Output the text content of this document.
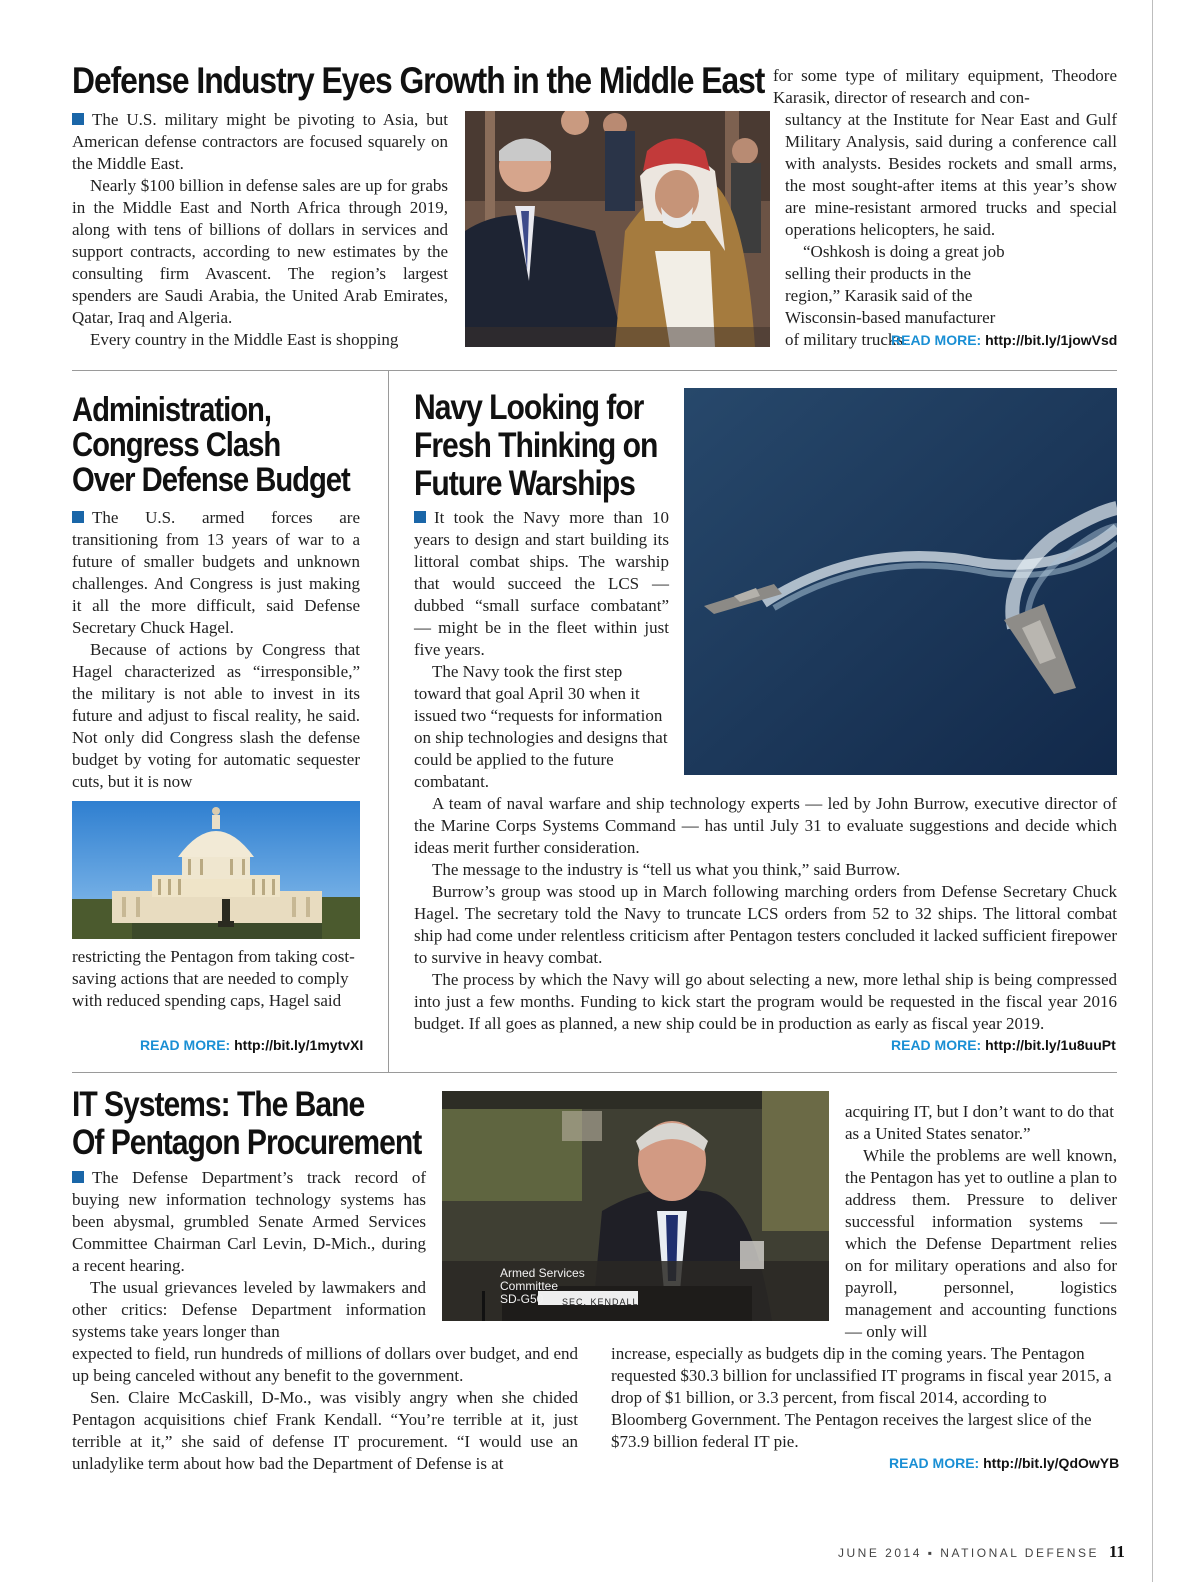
Defense Industry Eyes Growth in the Middle East

The U.S. military might be pivoting to Asia, but American defense contractors are focused squarely on the Middle East.

Nearly $100 billion in defense sales are up for grabs in the Middle East and North Africa through 2019, along with tens of billions of dollars in services and support contracts, according to new estimates by the consulting firm Avascent. The region’s largest spenders are Saudi Arabia, the United Arab Emirates, Qatar, Iraq and Algeria.

Every country in the Middle East is shopping

for some type of military equipment, Theodore Karasik, director of research and con-

sultancy at the Institute for Near East and Gulf Military Analysis, said during a conference call with analysts. Besides rockets and small arms, the most sought-after items at this year’s show are mine-resistant armored trucks and special operations helicopters, he said.

“Oshkosh is doing a great job selling their products in the region,” Karasik said of the Wisconsin-based manufacturer of military trucks.

READ MORE: http://bit.ly/1jowVsd
Administration,
Congress Clash
Over Defense Budget

The U.S. armed forces are transitioning from 13 years of war to a future of smaller budgets and unknown challenges. And Congress is just making it all the more difficult, said Defense Secretary Chuck Hagel.

Because of actions by Congress that Hagel characterized as “irresponsible,” the military is not able to invest in its future and adjust to fiscal reality, he said. Not only did Congress slash the defense budget by voting for automatic sequester cuts, but it is now

restricting the Pentagon from taking cost-saving actions that are needed to comply with reduced spending caps, Hagel said

READ MORE: http://bit.ly/1mytvXI
Navy Looking for
Fresh Thinking on
Future Warships

It took the Navy more than 10 years to design and start building its littoral combat ships. The warship that would succeed the LCS — dubbed “small surface combatant” — might be in the fleet within just five years.

The Navy took the first step toward that goal April 30 when it issued two “requests for information on ship technologies and designs that could be applied to the future combatant.

A team of naval warfare and ship technology experts — led by John Burrow, executive director of the Marine Corps Systems Command — has until July 31 to evaluate suggestions and decide which ideas merit further consideration.

The message to the industry is “tell us what you think,” said Burrow.

Burrow’s group was stood up in March following marching orders from Defense Secretary Chuck Hagel. The secretary told the Navy to truncate LCS orders from 52 to 32 ships. The littoral combat ship had come under relentless criticism after Pentagon testers concluded it lacked sufficient firepower to survive in heavy combat.

The process by which the Navy will go about selecting a new, more lethal ship is being compressed into just a few months. Funding to kick start the program would be requested in the fiscal year 2016 budget. If all goes as planned, a new ship could be in production as early as fiscal year 2019.

READ MORE: http://bit.ly/1u8uuPt
IT Systems: The Bane
Of Pentagon Procurement

The Defense Department’s track record of buying new information technology systems has been abysmal, grumbled Senate Armed Services Committee Chairman Carl Levin, D-Mich., during a recent hearing.

The usual grievances leveled by lawmakers and other critics: Defense Department information systems take years longer than

Armed Services
Committee
SD-G50	SEC. KENDALL

acquiring IT, but I don’t want to do that as a United States senator.”

While the problems are well known, the Pentagon has yet to outline a plan to address them. Pressure to deliver successful information systems — which the Defense Department relies on for military operations and also for payroll, personnel, logistics management and accounting functions — only will

expected to field, run hundreds of millions of dollars over budget, and end up being canceled without any benefit to the government.

Sen. Claire McCaskill, D-Mo., was visibly angry when she chided Pentagon acquisitions chief Frank Kendall. “You’re terrible at it, just terrible at it,” she said of defense IT procurement. “I would use an unladylike term about how bad the Department of Defense is at

increase, especially as budgets dip in the coming years. The Pentagon requested $30.3 billion for unclassified IT programs in fiscal year 2015, a drop of $1 billion, or 3.3 percent, from fiscal 2014, according to Bloomberg Government. The Pentagon receives the largest slice of the $73.9 billion federal IT pie.

READ MORE: http://bit.ly/QdOwYB
JUNE 2014 ▪ NATIONAL DEFENSE 11
